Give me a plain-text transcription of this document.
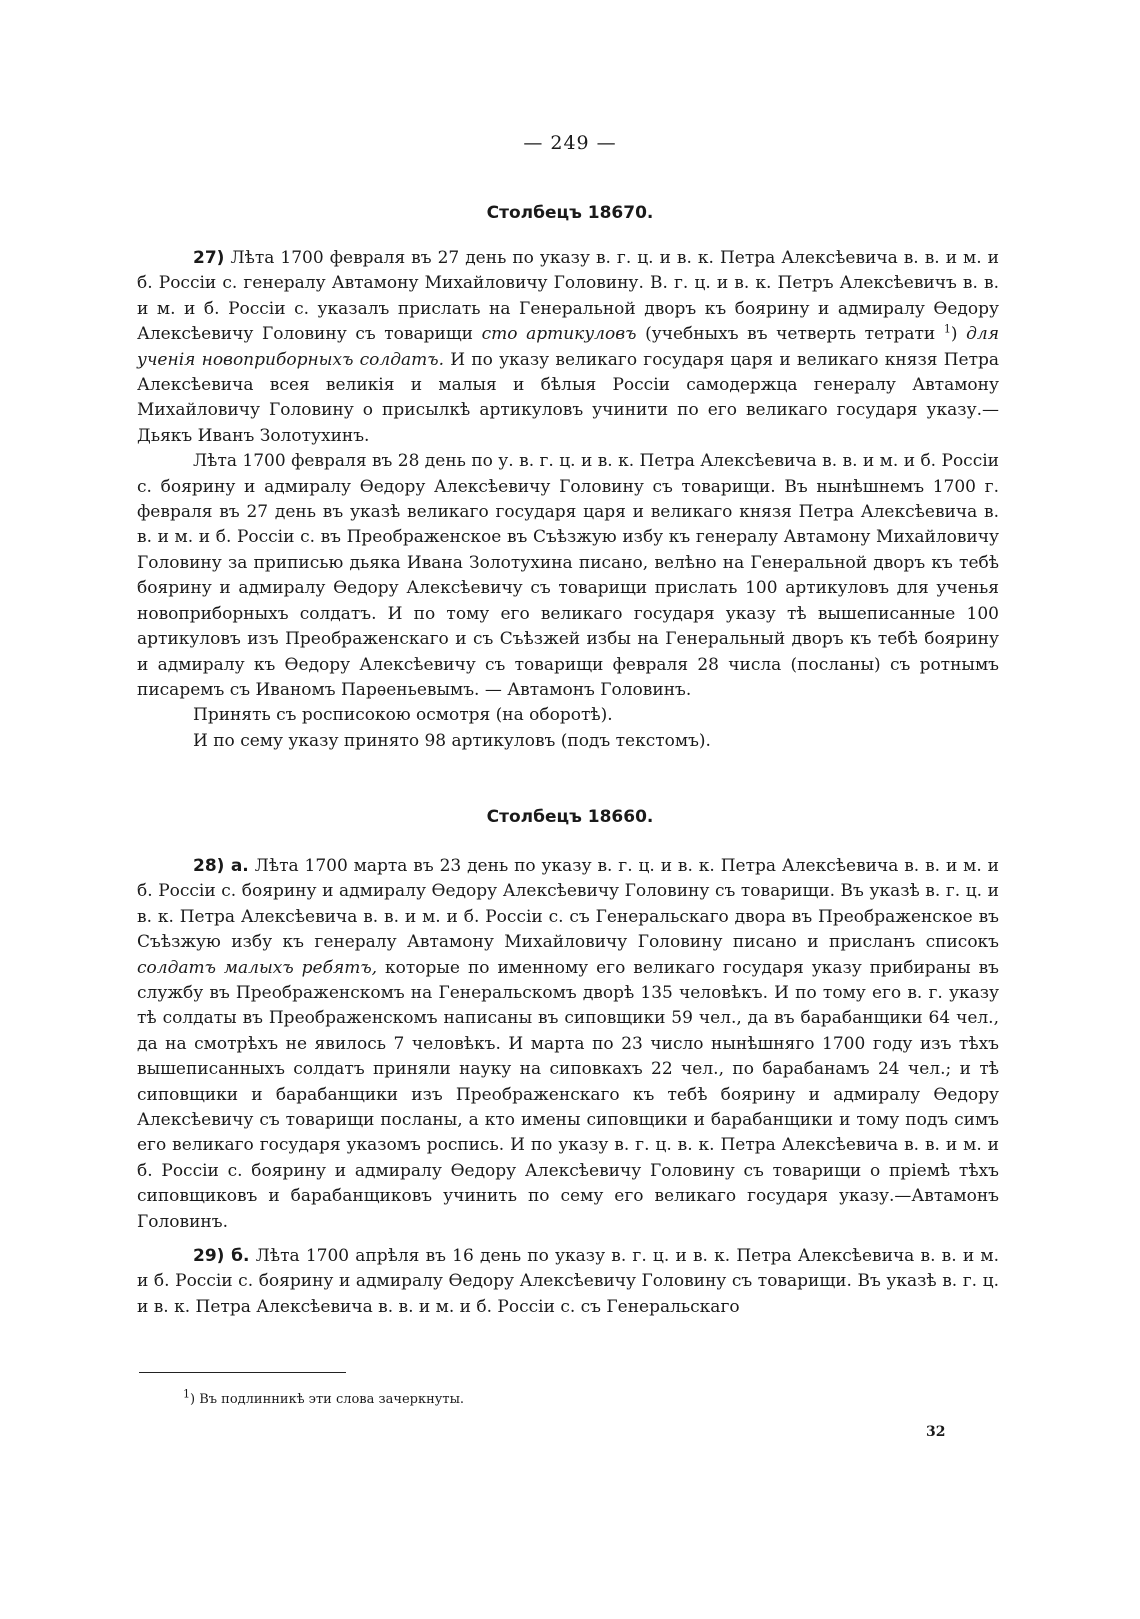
— 249 —
Столбецъ 18670.

27) Лѣта 1700 февраля въ 27 день по указу в. г. ц. и в. к. Петра Алексѣевича в. в. и м. и б. Россіи с. генералу Автамону Михайловичу Головину. В. г. ц. и в. к. Петръ Алексѣевичъ в. в. и м. и б. Россіи с. указалъ прислать на Генеральной дворъ къ боярину и адмиралу Ѳедору Алексѣевичу Головину съ товарищи сто артикуловъ (учебныхъ въ четверть тетрати $^1$) для ученія новоприборныхъ солдатъ. И по указу великаго государя царя и великаго князя Петра Алексѣевича всея великія и малыя и бѣлыя Россіи самодержца генералу Автамону Михайловичу Головину о присылкѣ артикуловъ учинити по его великаго государя указу.—Дьякъ Иванъ Золотухинъ.

Лѣта 1700 февраля въ 28 день по у. в. г. ц. и в. к. Петра Алексѣевича в. в. и м. и б. Россіи с. боярину и адмиралу Ѳедору Алексѣевичу Головину съ товарищи. Въ нынѣшнемъ 1700 г. февраля въ 27 день въ указѣ великаго государя царя и великаго князя Петра Алексѣевича в. в. и м. и б. Россіи с. въ Преображенское въ Съѣзжую избу къ генералу Автамону Михайловичу Головину за приписью дьяка Ивана Золотухина писано, велѣно на Генеральной дворъ къ тебѣ боярину и адмиралу Ѳедору Алексѣевичу съ товарищи прислать 100 артикуловъ для ученья новоприборныхъ солдатъ. И по тому его великаго государя указу тѣ вышеписанные 100 артикуловъ изъ Преображенскаго и съ Съѣзжей избы на Генеральный дворъ къ тебѣ боярину и адмиралу къ Ѳедору Алексѣевичу съ товарищи февраля 28 числа (посланы) съ ротнымъ писаремъ съ Иваномъ Парѳеньевымъ. — Автамонъ Головинъ.

Принять съ росписокою осмотря (на оборотѣ).

И по сему указу принято 98 артикуловъ (подъ текстомъ).

Столбецъ 18660.

28) а. Лѣта 1700 марта въ 23 день по указу в. г. ц. и в. к. Петра Алексѣевича в. в. и м. и б. Россіи с. боярину и адмиралу Ѳедору Алексѣевичу Головину съ товарищи. Въ указѣ в. г. ц. и в. к. Петра Алексѣевича в. в. и м. и б. Россіи с. съ Генеральскаго двора въ Преображенское въ Съѣзжую избу къ генералу Автамону Михайловичу Головину писано и присланъ списокъ солдатъ малыхъ ребятъ, которые по именному его великаго государя указу прибираны въ службу въ Преображенскомъ на Генеральскомъ дворѣ 135 человѣкъ. И по тому его в. г. указу тѣ солдаты въ Преображенскомъ написаны въ сиповщики 59 чел., да въ барабанщики 64 чел., да на смотрѣхъ не явилось 7 человѣкъ. И марта по 23 число нынѣшняго 1700 году изъ тѣхъ вышеписанныхъ солдатъ приняли науку на сиповкахъ 22 чел., по барабанамъ 24 чел.; и тѣ сиповщики и барабанщики изъ Преображенскаго къ тебѣ боярину и адмиралу Ѳедору Алексѣевичу съ товарищи посланы, а кто имены сиповщики и барабанщики и тому подъ симъ его великаго государя указомъ роспись. И по указу в. г. ц. в. к. Петра Алексѣевича в. в. и м. и б. Россіи с. боярину и адмиралу Ѳедору Алексѣевичу Головину съ товарищи о пріемѣ тѣхъ сиповщиковъ и барабанщиковъ учинить по сему его великаго государя указу.—Автамонъ Головинъ.

29) б. Лѣта 1700 апрѣля въ 16 день по указу в. г. ц. и в. к. Петра Алексѣевича в. в. и м. и б. Россіи с. боярину и адмиралу Ѳедору Алексѣевичу Головину съ товарищи. Въ указѣ в. г. ц. и в. к. Петра Алексѣевича в. в. и м. и б. Россіи с. съ Генеральскаго

$^1$) Въ подлинникѣ эти слова зачеркнуты.
32
